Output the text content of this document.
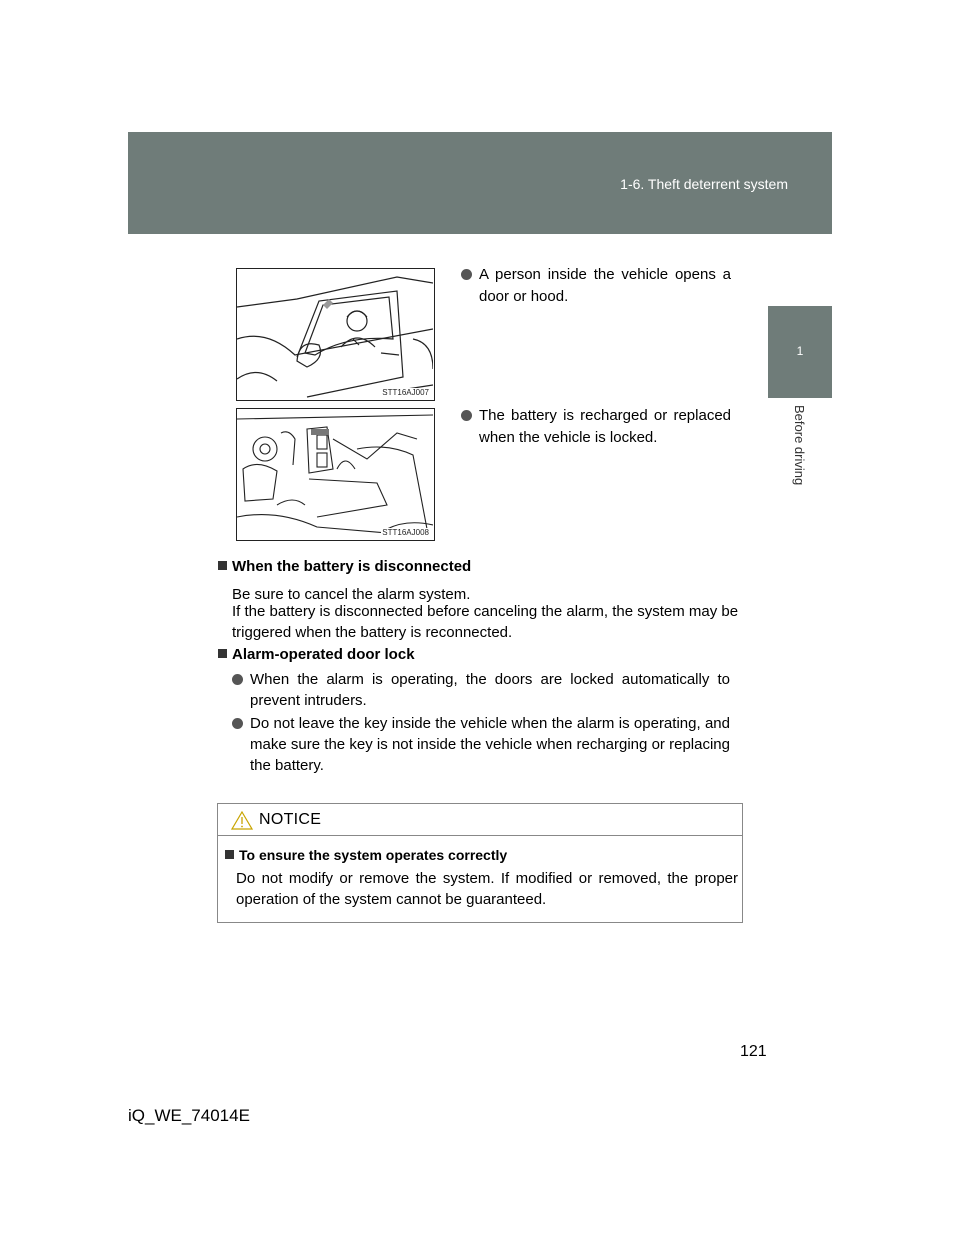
1-6. Theft deterrent system
1
Before driving
STT16AJ007
STT16AJ008
A person inside the vehicle opens a door or hood.
The battery is recharged or replaced when the vehicle is locked.
When the battery is disconnected
Be sure to cancel the alarm system.
If the battery is disconnected before canceling the alarm, the system may be triggered when the battery is reconnected.
Alarm-operated door lock
When the alarm is operating, the doors are locked automatically to prevent intruders.
Do not leave the key inside the vehicle when the alarm is operating, and make sure the key is not inside the vehicle when recharging or replacing the battery.
NOTICE
To ensure the system operates correctly
Do not modify or remove the system. If modified or removed, the proper operation of the system cannot be guaranteed.
121
iQ_WE_74014E
